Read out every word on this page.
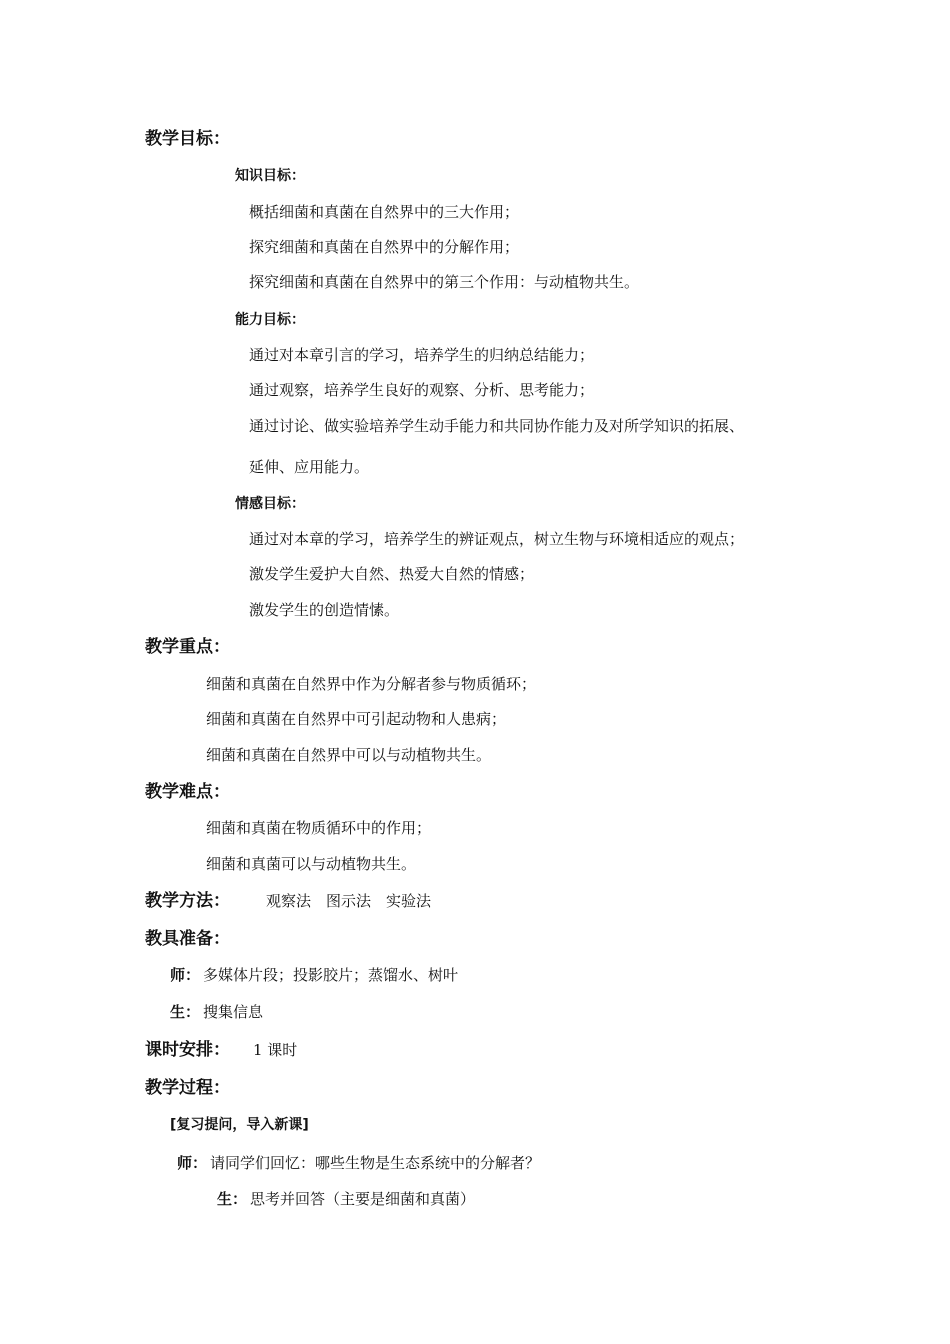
教学目标：
知识目标：
概括细菌和真菌在自然界中的三大作用；
探究细菌和真菌在自然界中的分解作用；
探究细菌和真菌在自然界中的第三个作用：与动植物共生。
能力目标：
通过对本章引言的学习，培养学生的归纳总结能力；
通过观察，培养学生良好的观察、分析、思考能力；
通过讨论、做实验培养学生动手能力和共同协作能力及对所学知识的拓展、
延伸、应用能力。
情感目标：
通过对本章的学习，培养学生的辨证观点，树立生物与环境相适应的观点；
激发学生爱护大自然、热爱大自然的情感；
激发学生的创造情愫。
教学重点：
细菌和真菌在自然界中作为分解者参与物质循环；
细菌和真菌在自然界中可引起动物和人患病；
细菌和真菌在自然界中可以与动植物共生。
教学难点：
细菌和真菌在物质循环中的作用；
细菌和真菌可以与动植物共生。
教学方法： 观察法　图示法　实验法
教具准备：
师： 多媒体片段；投影胶片；蒸馏水、树叶
生： 搜集信息
课时安排： 1 课时
教学过程：
[复习提问，导入新课]
师： 请同学们回忆：哪些生物是生态系统中的分解者？
生： 思考并回答（主要是细菌和真菌）
